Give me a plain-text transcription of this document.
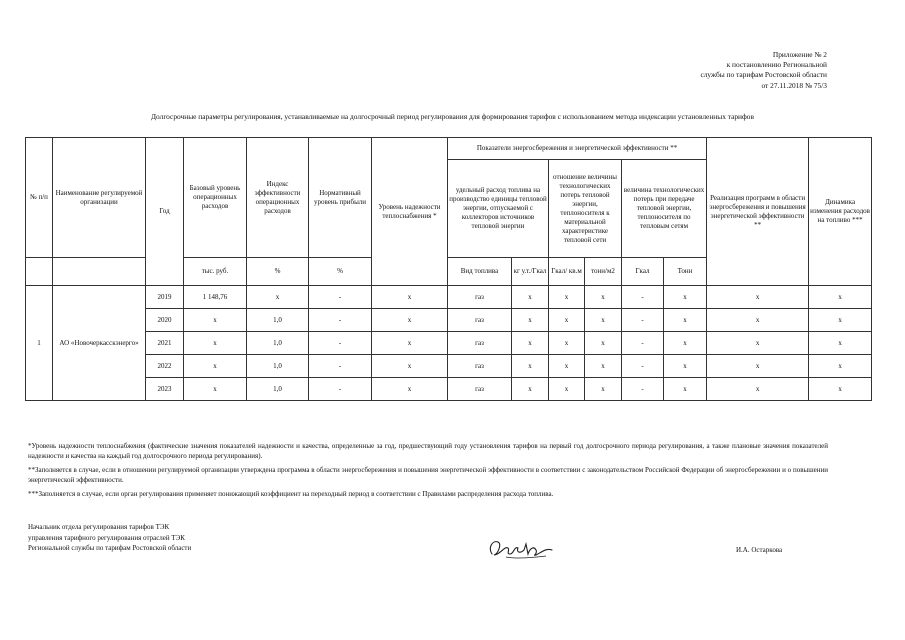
Приложение № 2
к постановлению Региональной
службы по тарифам Ростовской области
от 27.11.2018 № 75/3
Долгосрочные параметры регулирования, устанавливаемые на долгосрочный период регулирования для формирования тарифов с использованием метода индексации установленных тарифов
№ п/п	Наименование регулируемой организации	Год	Базовый уровень операционных расходов	Индекс эффективности операционных расходов	Нормативный уровень прибыли	Уровень надежности теплоснабжения *	Показатели энергосбережения и энергетической эффективности **						Реализация программ в области энергосбережения и повышения энергетической эффективности **	Динамика изменения расходов на топливо ***
							удельный расход топлива на производство единицы тепловой энергии, отпускаемой с коллекторов источников тепловой энергии		отношение величины технологических потерь тепловой энергии, теплоносителя к материальной характеристике тепловой сети		величина технологических потерь при передаче тепловой энергии, теплоносителя по тепловым сетям			
			тыс. руб.	%	%		Вид топлива	кг у.т./Гкал	Гкал/ кв.м	тонн/м2	Гкал	Тонн		
1	АО «Новочеркасскэнерго»	2019	1 148,76	х	-	х	газ	х	х	х	-	х	х	х
		2020	х	1,0	-	х	газ	х	х	х	-	х	х	х
		2021	х	1,0	-	х	газ	х	х	х	-	х	х	х
		2022	х	1,0	-	х	газ	х	х	х	-	х	х	х
		2023	х	1,0	-	х	газ	х	х	х	-	х	х	х

*Уровень надежности теплоснабжения (фактические значения показателей надежности и качества, определенные за год, предшествующий году установления тарифов на первый год долгосрочного периода регулирования, а также плановые значения показателей надежности и качества на каждый год долгосрочного периода регулирования).

**Заполняется в случае, если в отношении регулируемой организации утверждена программа в области энергосбережения и повышения энергетической эффективности в соответствии с законодательством Российской Федерации об энергосбережении и о повышении энергетической эффективности.

***Заполняется в случае, если орган регулирования применяет понижающий коэффициент на переходный период в соответствии с Правилами распределения расхода топлива.

Начальник отдела регулирования тарифов ТЭК
управления тарифного регулирования отраслей ТЭК
Региональной службы по тарифам Ростовской области	И.А. Остаркова
